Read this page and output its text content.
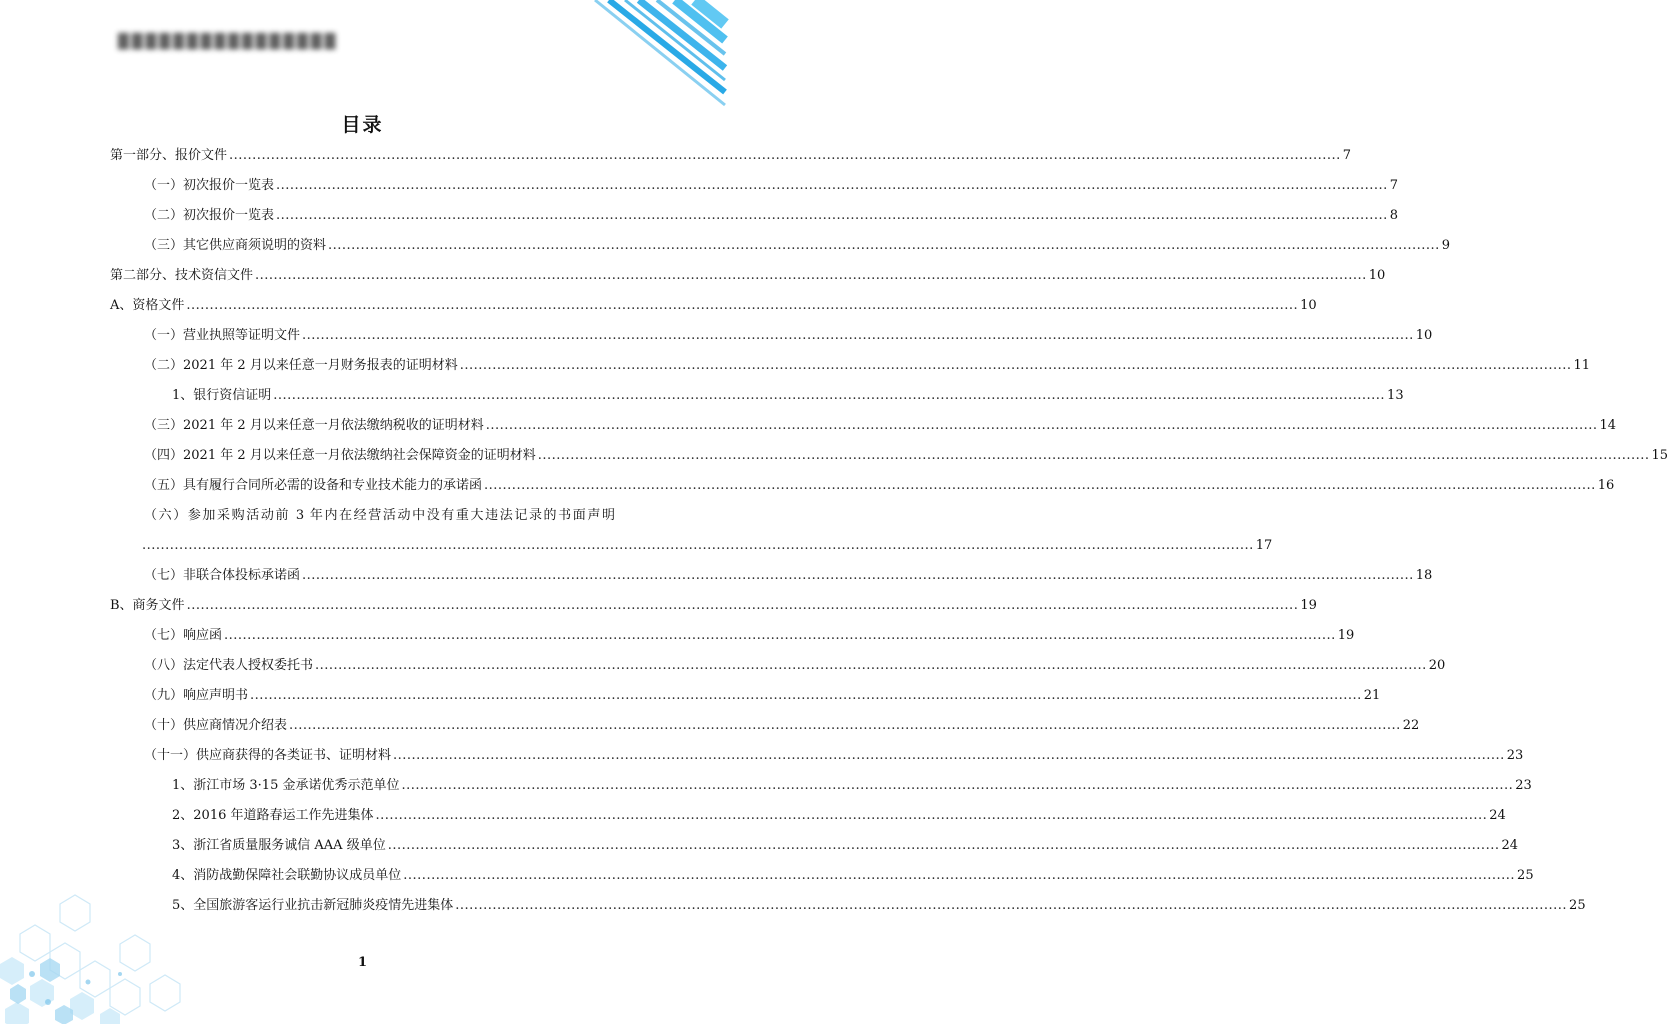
████████████████
目录
第一部分、报价文件 ................................................................................................................................................................................................................................................ 7
（一）初次报价一览表 ................................................................................................................................................................................................................................................ 7
（二）初次报价一览表 ................................................................................................................................................................................................................................................ 8
（三）其它供应商须说明的资料 ................................................................................................................................................................................................................................................ 9
第二部分、技术资信文件 ................................................................................................................................................................................................................................................ 10
A、资格文件 ................................................................................................................................................................................................................................................ 10
（一）营业执照等证明文件 ................................................................................................................................................................................................................................................ 10
（二）2021 年 2 月以来任意一月财务报表的证明材料 ................................................................................................................................................................................................................................................ 11
1、银行资信证明 ................................................................................................................................................................................................................................................ 13
（三）2021 年 2 月以来任意一月依法缴纳税收的证明材料 ................................................................................................................................................................................................................................................ 14
（四）2021 年 2 月以来任意一月依法缴纳社会保障资金的证明材料 ................................................................................................................................................................................................................................................ 15
（五）具有履行合同所必需的设备和专业技术能力的承诺函 ................................................................................................................................................................................................................................................ 16
（六）参加采购活动前 3 年内在经营活动中没有重大违法记录的书面声明
................................................................................................................................................................................................................................................ 17
（七）非联合体投标承诺函 ................................................................................................................................................................................................................................................ 18
B、商务文件 ................................................................................................................................................................................................................................................ 19
（七）响应函 ................................................................................................................................................................................................................................................ 19
（八）法定代表人授权委托书 ................................................................................................................................................................................................................................................ 20
（九）响应声明书 ................................................................................................................................................................................................................................................ 21
（十）供应商情况介绍表 ................................................................................................................................................................................................................................................ 22
（十一）供应商获得的各类证书、证明材料 ................................................................................................................................................................................................................................................ 23
1、浙江市场 3·15 金承诺优秀示范单位 ................................................................................................................................................................................................................................................ 23
2、2016 年道路春运工作先进集体 ................................................................................................................................................................................................................................................ 24
3、浙江省质量服务诚信 AAA 级单位 ................................................................................................................................................................................................................................................ 24
4、消防战勤保障社会联勤协议成员单位 ................................................................................................................................................................................................................................................ 25
5、全国旅游客运行业抗击新冠肺炎疫情先进集体 ................................................................................................................................................................................................................................................ 25
1
